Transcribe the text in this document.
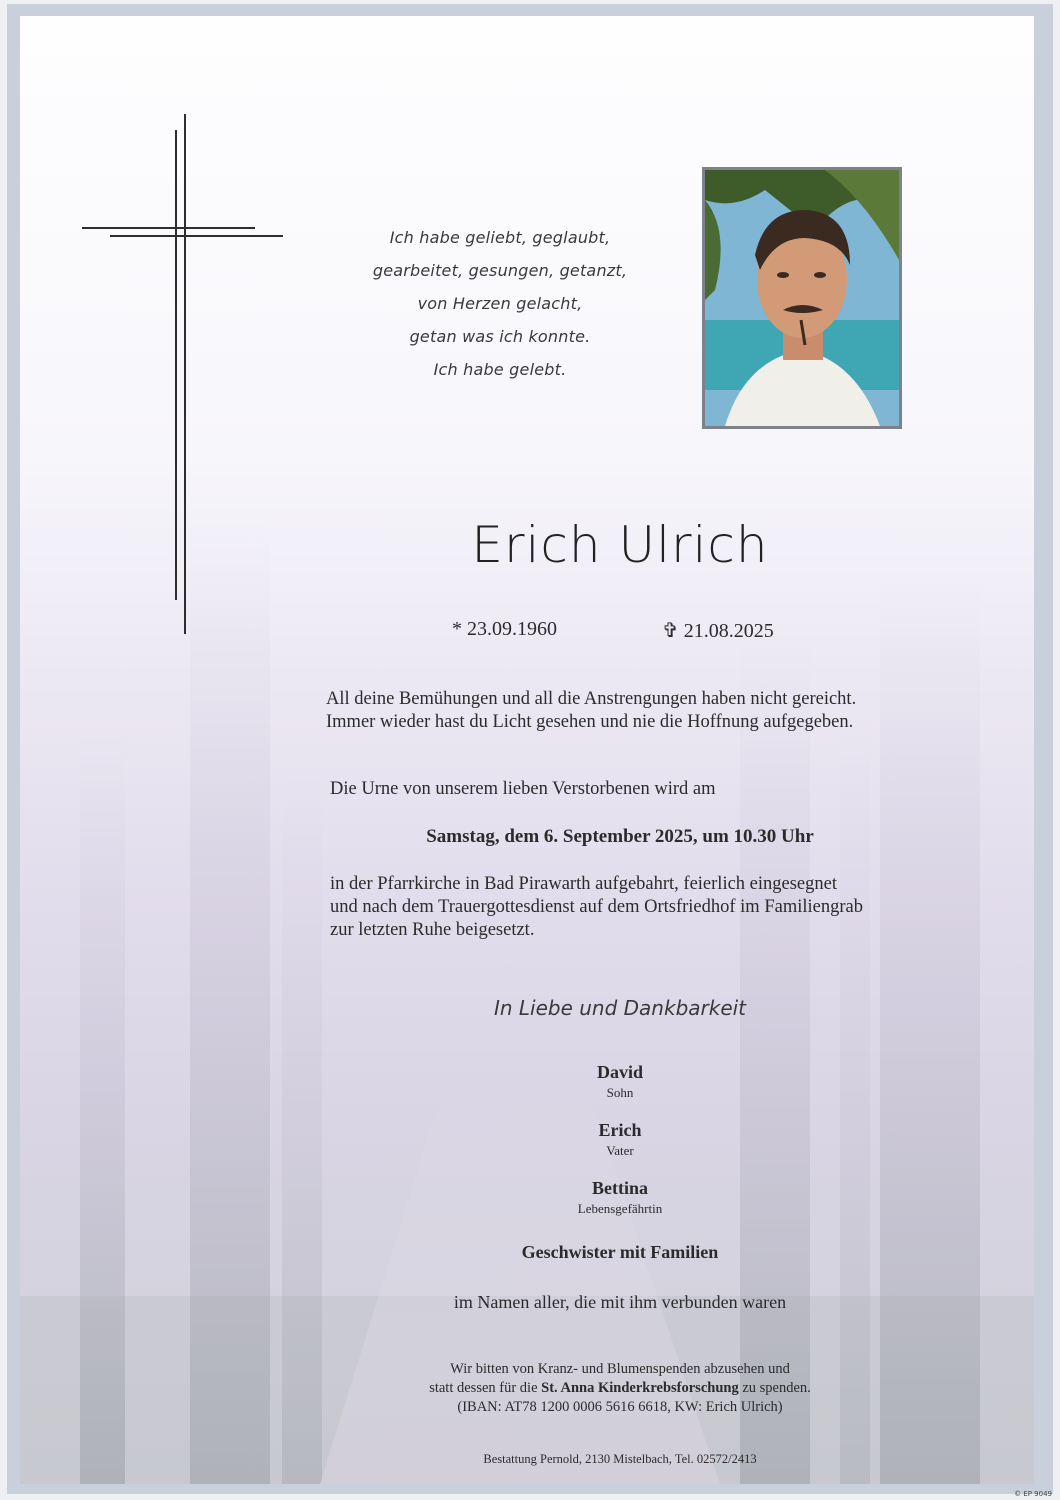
Ich habe geliebt, geglaubt,
gearbeitet, gesungen, getanzt,
von Herzen gelacht,
getan was ich konnte.
Ich habe gelebt.
Erich Ulrich
* 23.09.1960	✞ 21.08.2025
All deine Bemühungen und all die Anstrengungen haben nicht gereicht.
Immer wieder hast du Licht gesehen und nie die Hoffnung aufgegeben.
Die Urne von unserem lieben Verstorbenen wird am
Samstag, dem 6. September 2025, um 10.30 Uhr
in der Pfarrkirche in Bad Pirawarth aufgebahrt, feierlich eingesegnet
und nach dem Trauergottesdienst auf dem Ortsfriedhof im Familiengrab
zur letzten Ruhe beigesetzt.
In Liebe und Dankbarkeit
David
Sohn
Erich
Vater
Bettina
Lebensgefährtin
Geschwister mit Familien
im Namen aller, die mit ihm verbunden waren
Wir bitten von Kranz- und Blumenspenden abzusehen und
statt dessen für die St. Anna Kinderkrebsforschung zu spenden.
(IBAN: AT78 1200 0006 5616 6618, KW: Erich Ulrich)
Bestattung Pernold, 2130 Mistelbach, Tel. 02572/2413
© EP 9049
